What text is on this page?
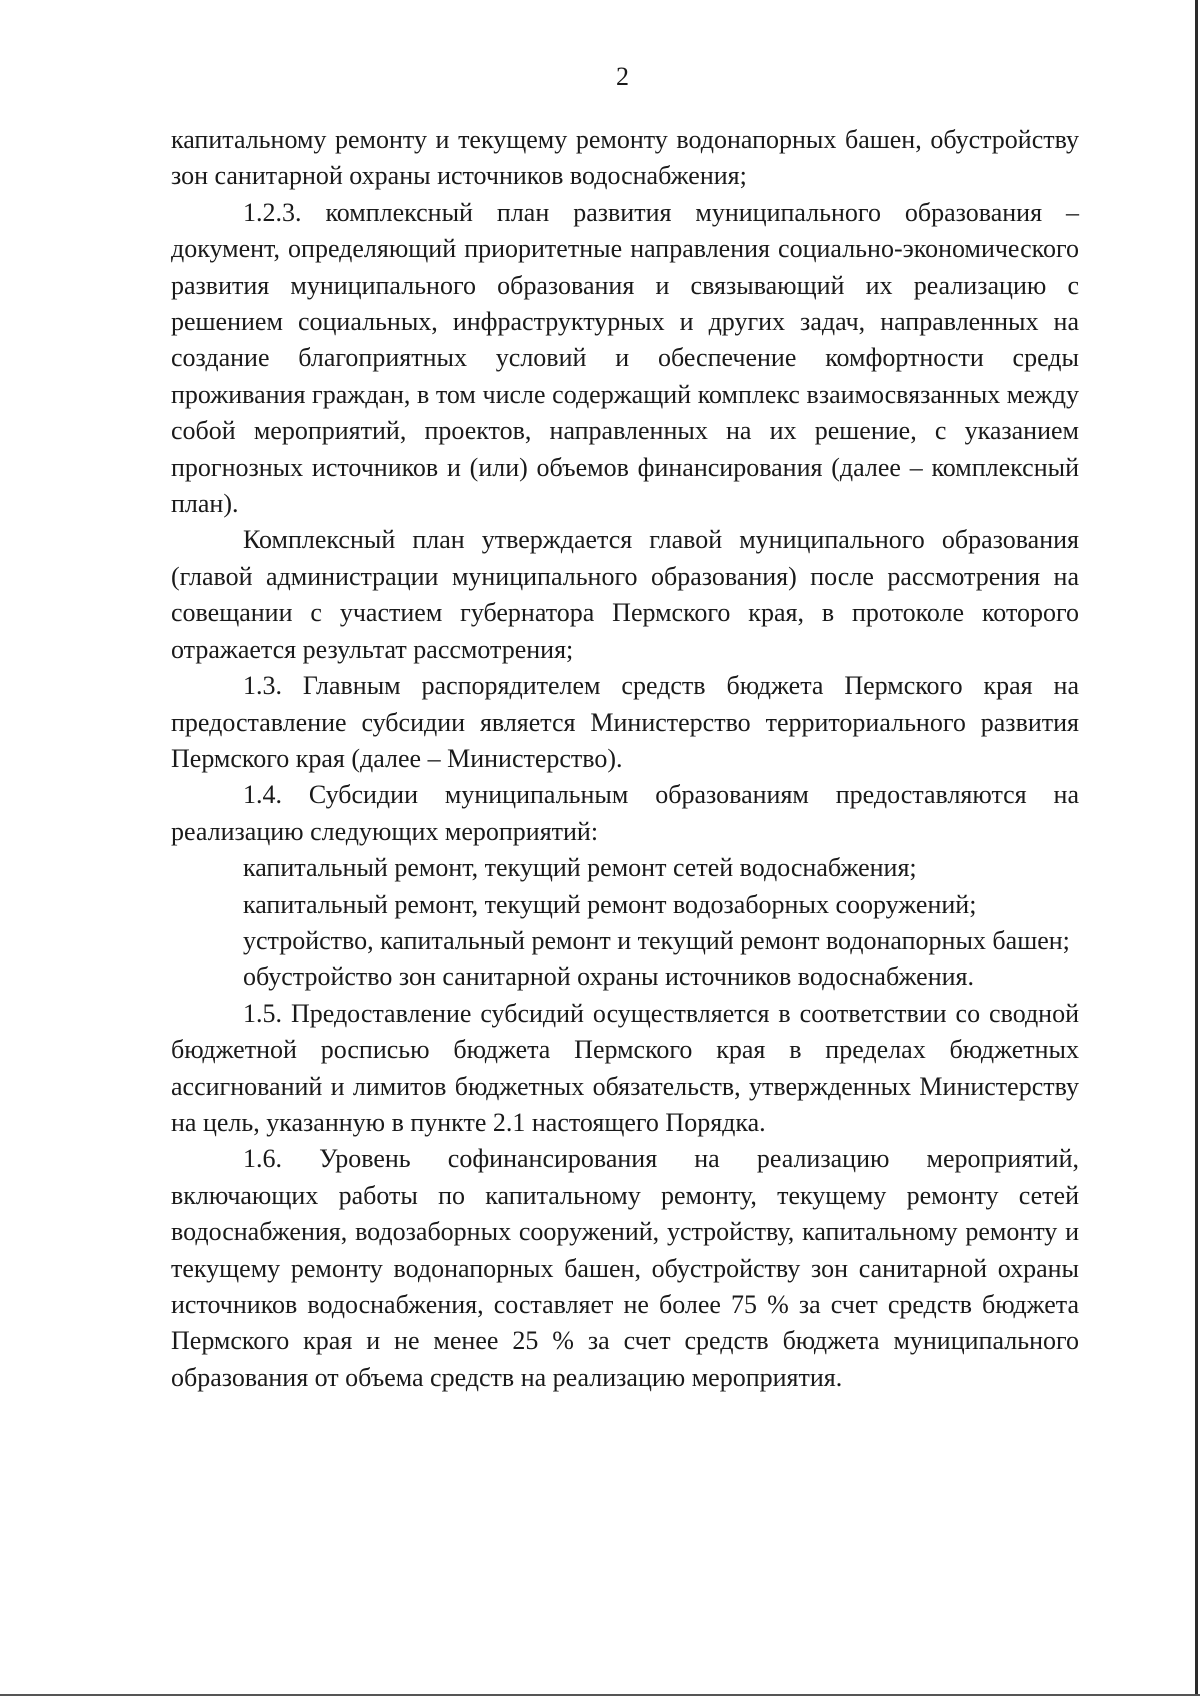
2

капитальному ремонту и текущему ремонту водонапорных башен, обустройству зон санитарной охраны источников водоснабжения;

1.2.3. комплексный план развития муниципального образования – документ, определяющий приоритетные направления социально-экономического развития муниципального образования и связывающий их реализацию с решением социальных, инфраструктурных и других задач, направленных на создание благоприятных условий и обеспечение комфортности среды проживания граждан, в том числе содержащий комплекс взаимосвязанных между собой мероприятий, проектов, направленных на их решение, с указанием прогнозных источников и (или) объемов финансирования (далее – комплексный план).

Комплексный план утверждается главой муниципального образования (главой администрации муниципального образования) после рассмотрения на совещании с участием губернатора Пермского края, в протоколе которого отражается результат рассмотрения;

1.3. Главным распорядителем средств бюджета Пермского края на предоставление субсидии является Министерство территориального развития Пермского края (далее – Министерство).

1.4. Субсидии муниципальным образованиям предоставляются на реализацию следующих мероприятий:

капитальный ремонт, текущий ремонт сетей водоснабжения;

капитальный ремонт, текущий ремонт водозаборных сооружений;

устройство, капитальный ремонт и текущий ремонт водонапорных башен;

обустройство зон санитарной охраны источников водоснабжения.

1.5. Предоставление субсидий осуществляется в соответствии со сводной бюджетной росписью бюджета Пермского края в пределах бюджетных ассигнований и лимитов бюджетных обязательств, утвержденных Министерству на цель, указанную в пункте 2.1 настоящего Порядка.

1.6. Уровень софинансирования на реализацию мероприятий, включающих работы по капитальному ремонту, текущему ремонту сетей водоснабжения, водозаборных сооружений, устройству, капитальному ремонту и текущему ремонту водонапорных башен, обустройству зон санитарной охраны источников водоснабжения, составляет не более 75 % за счет средств бюджета Пермского края и не менее 25 % за счет средств бюджета муниципального образования от объема средств на реализацию мероприятия.
